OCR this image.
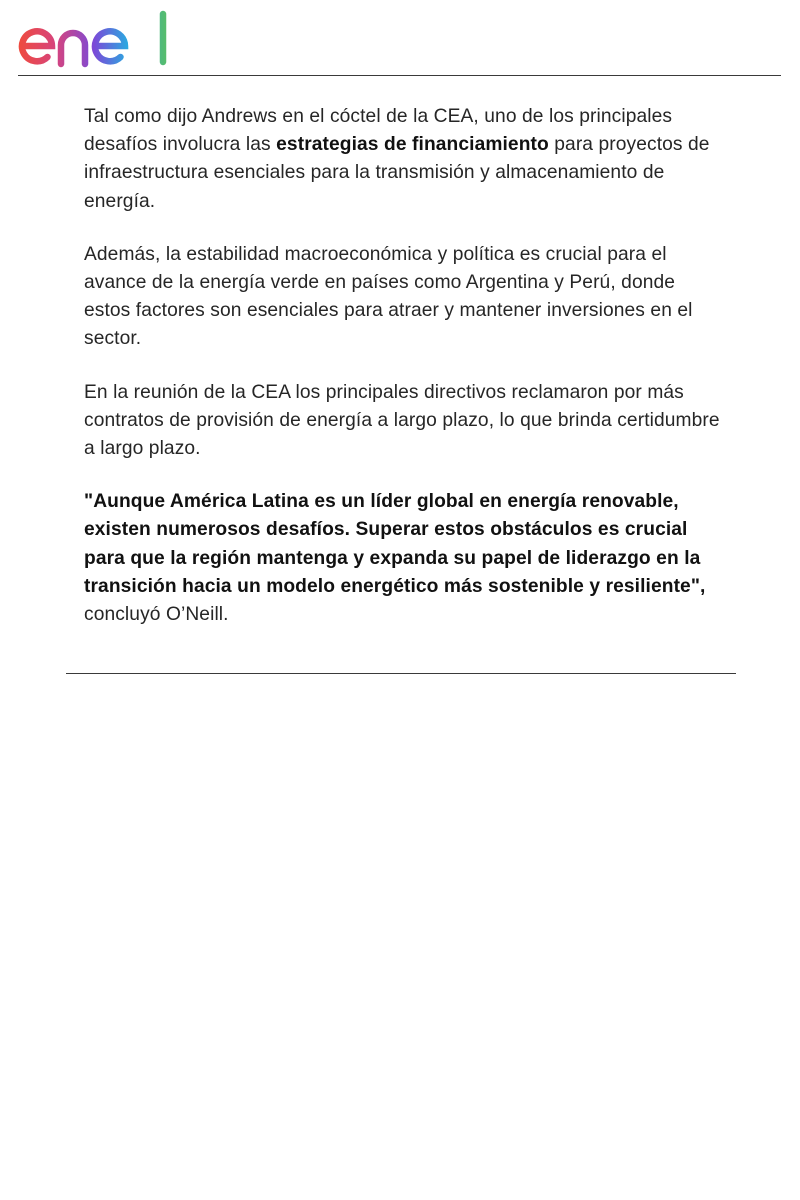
Tal como dijo Andrews en el cóctel de la CEA, uno de los principales desafíos involucra las estrategias de financiamiento para proyectos de infraestructura esenciales para la transmisión y almacenamiento de energía.

Además, la estabilidad macroeconómica y política es crucial para el avance de la energía verde en países como Argentina y Perú, donde estos factores son esenciales para atraer y mantener inversiones en el sector.

En la reunión de la CEA los principales directivos reclamaron por más contratos de provisión de energía a largo plazo, lo que brinda certidumbre a largo plazo.

"Aunque América Latina es un líder global en energía renovable, existen numerosos desafíos. Superar estos obstáculos es crucial para que la región mantenga y expanda su papel de liderazgo en la transición hacia un modelo energético más sostenible y resiliente", concluyó O’Neill.
